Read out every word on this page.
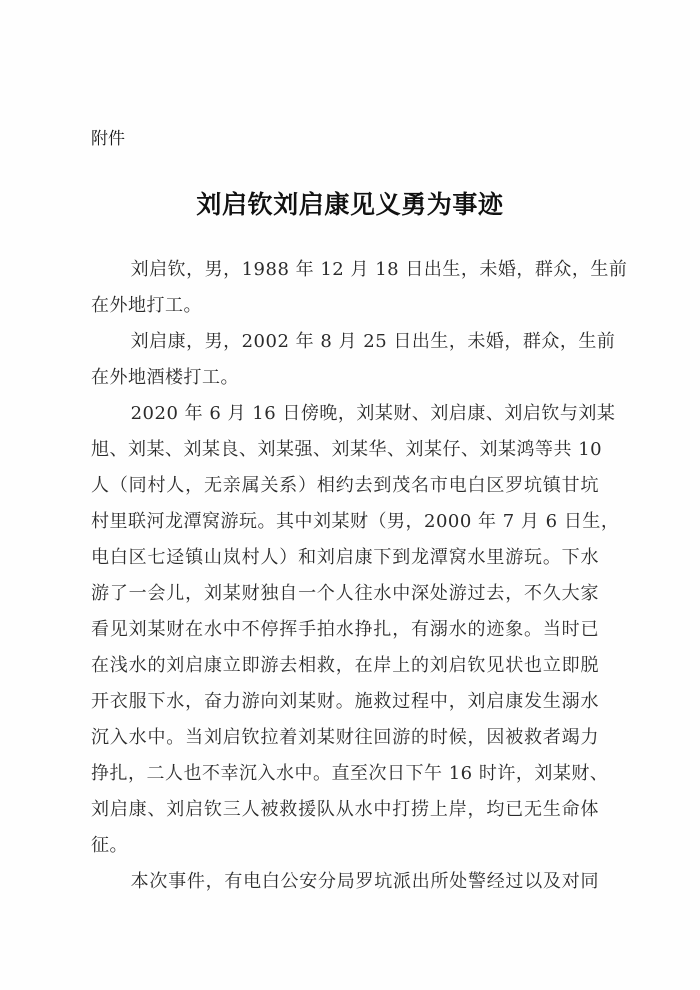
附件
刘启钦刘启康见义勇为事迹
刘启钦，男，1988 年 12 月 18 日出生，未婚，群众，生前
在外地打工。
刘启康，男，2002 年 8 月 25 日出生，未婚，群众，生前
在外地酒楼打工。
2020 年 6 月 16 日傍晚，刘某财、刘启康、刘启钦与刘某
旭、刘某、刘某良、刘某强、刘某华、刘某仔、刘某鸿等共 10
人（同村人，无亲属关系）相约去到茂名市电白区罗坑镇甘坑
村里联河龙潭窝游玩。其中刘某财（男，2000 年 7 月 6 日生，
电白区七迳镇山岚村人）和刘启康下到龙潭窝水里游玩。下水
游了一会儿，刘某财独自一个人往水中深处游过去，不久大家
看见刘某财在水中不停挥手拍水挣扎，有溺水的迹象。当时已
在浅水的刘启康立即游去相救，在岸上的刘启钦见状也立即脱
开衣服下水，奋力游向刘某财。施救过程中，刘启康发生溺水
沉入水中。当刘启钦拉着刘某财往回游的时候，因被救者竭力
挣扎，二人也不幸沉入水中。直至次日下午 16 时许，刘某财、
刘启康、刘启钦三人被救援队从水中打捞上岸，均已无生命体
征。
本次事件，有电白公安分局罗坑派出所处警经过以及对同
